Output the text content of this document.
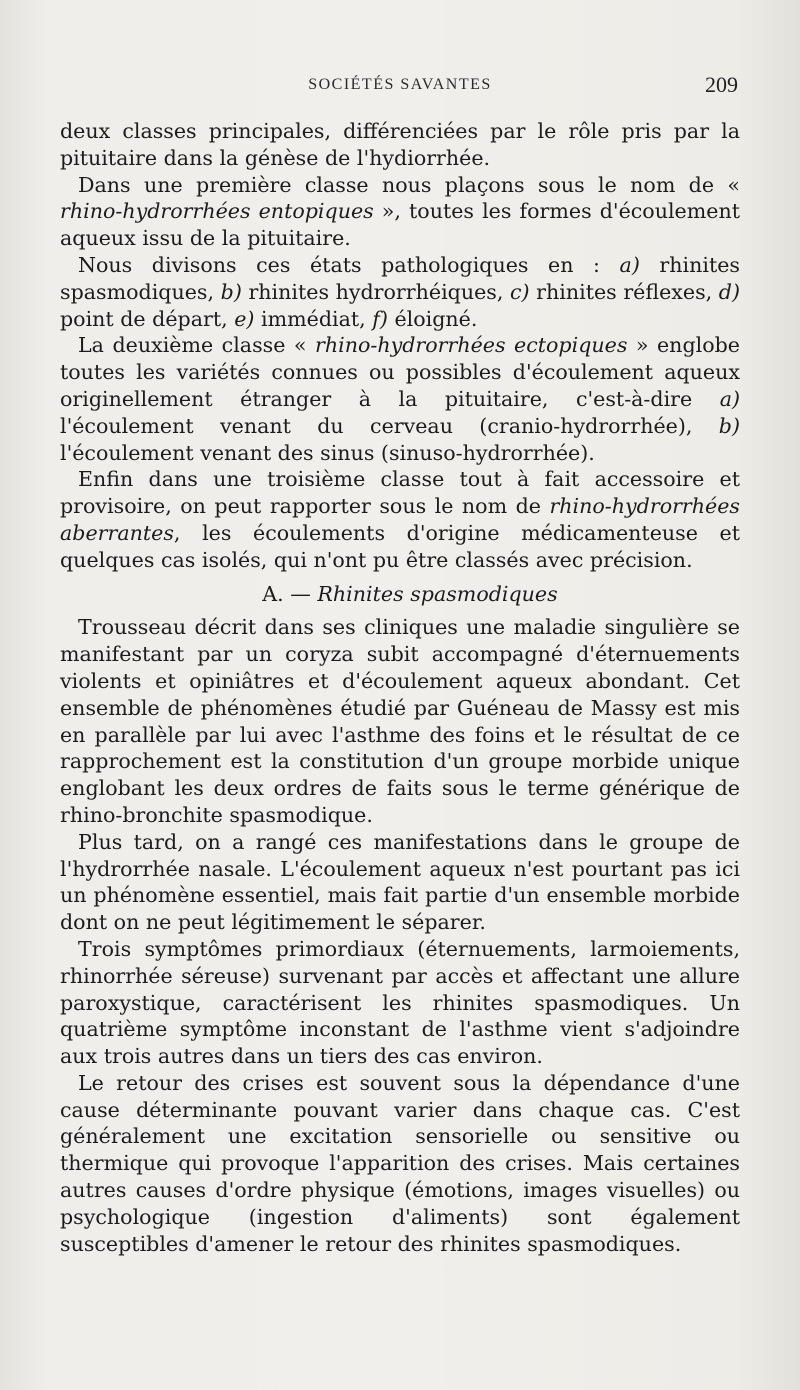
SOCIÉTÉS SAVANTES	209

deux classes principales, différenciées par le rôle pris par la pituitaire dans la génèse de l'hydiorrhée.

Dans une première classe nous plaçons sous le nom de « rhino-hydrorrhées entopiques », toutes les formes d'écoulement aqueux issu de la pituitaire.

Nous divisons ces états pathologiques en : a) rhinites spasmodiques, b) rhinites hydrorrhéiques, c) rhinites réflexes, d) point de départ, e) immédiat, f) éloigné.

La deuxième classe « rhino-hydrorrhées ectopiques » englobe toutes les variétés connues ou possibles d'écoulement aqueux originellement étranger à la pituitaire, c'est-à-dire a) l'écoulement venant du cerveau (cranio-hydrorrhée), b) l'écoulement venant des sinus (sinuso-hydrorrhée).

Enfin dans une troisième classe tout à fait accessoire et provisoire, on peut rapporter sous le nom de rhino-hydrorrhées aberrantes, les écoulements d'origine médicamenteuse et quelques cas isolés, qui n'ont pu être classés avec précision.

A. — Rhinites spasmodiques

Trousseau décrit dans ses cliniques une maladie singulière se manifestant par un coryza subit accompagné d'éternuements violents et opiniâtres et d'écoulement aqueux abondant. Cet ensemble de phénomènes étudié par Guéneau de Massy est mis en parallèle par lui avec l'asthme des foins et le résultat de ce rapprochement est la constitution d'un groupe morbide unique englobant les deux ordres de faits sous le terme générique de rhino-bronchite spasmodique.

Plus tard, on a rangé ces manifestations dans le groupe de l'hydrorrhée nasale. L'écoulement aqueux n'est pourtant pas ici un phénomène essentiel, mais fait partie d'un ensemble morbide dont on ne peut légitimement le séparer.

Trois symptômes primordiaux (éternuements, larmoiements, rhinorrhée séreuse) survenant par accès et affectant une allure paroxystique, caractérisent les rhinites spasmodiques. Un quatrième symptôme inconstant de l'asthme vient s'adjoindre aux trois autres dans un tiers des cas environ.

Le retour des crises est souvent sous la dépendance d'une cause déterminante pouvant varier dans chaque cas. C'est généralement une excitation sensorielle ou sensitive ou thermique qui provoque l'apparition des crises. Mais certaines autres causes d'ordre physique (émotions, images visuelles) ou psychologique (ingestion d'aliments) sont également susceptibles d'amener le retour des rhinites spasmodiques.
